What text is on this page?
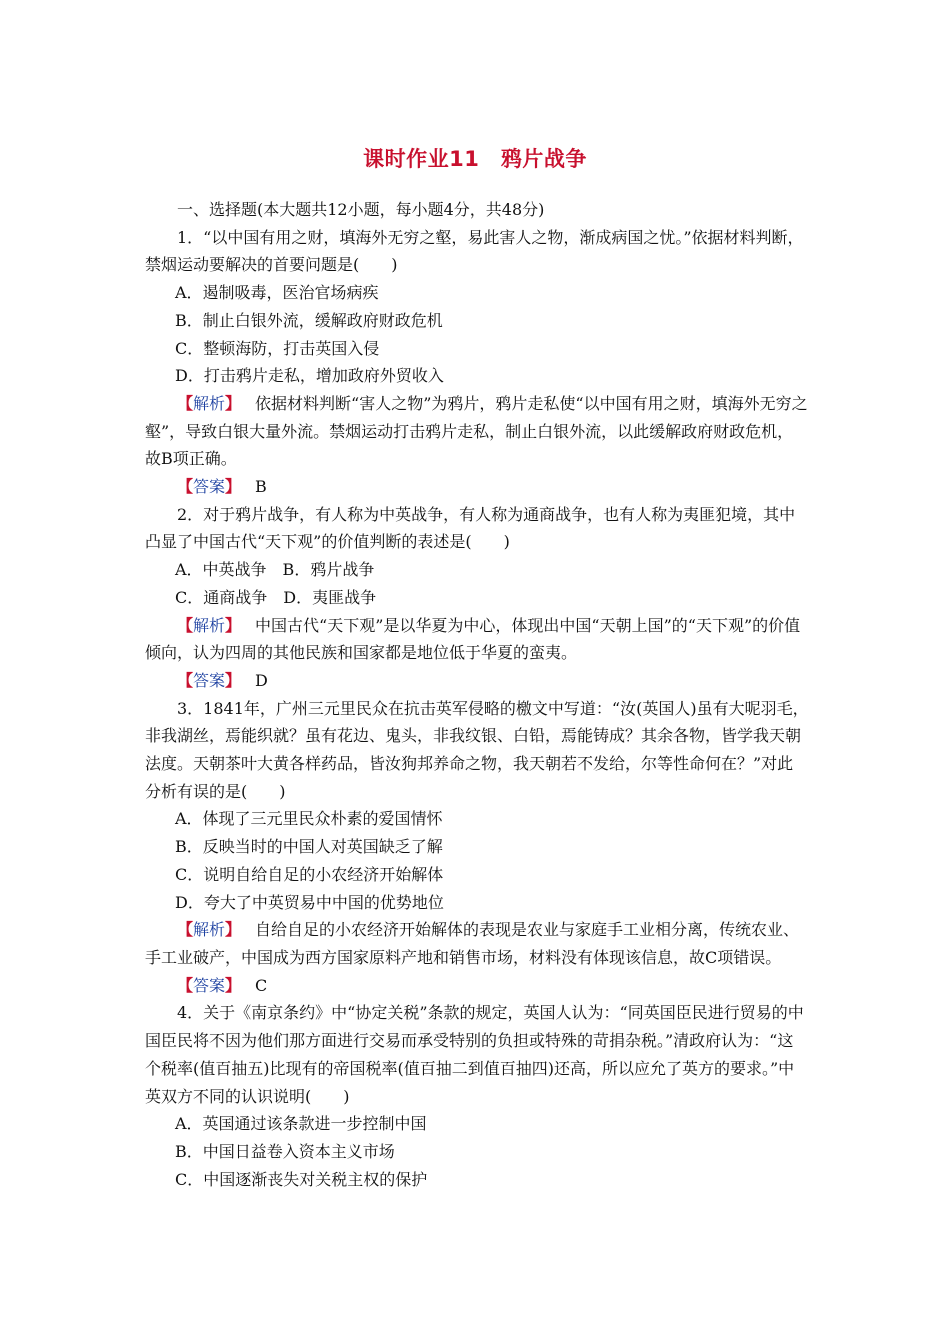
课时作业11　鸦片战争

一、选择题(本大题共12小题，每小题4分，共48分)

1．“以中国有用之财，填海外无穷之壑，易此害人之物，渐成病国之忧。”依据材料判断，禁烟运动要解决的首要问题是(　　)

A．遏制吸毒，医治官场病疾

B．制止白银外流，缓解政府财政危机

C．整顿海防，打击英国入侵

D．打击鸦片走私，增加政府外贸收入

【解析】 依据材料判断“害人之物”为鸦片，鸦片走私使“以中国有用之财，填海外无穷之壑”，导致白银大量外流。禁烟运动打击鸦片走私，制止白银外流，以此缓解政府财政危机，故B项正确。

【答案】 B

2．对于鸦片战争，有人称为中英战争，有人称为通商战争，也有人称为夷匪犯境，其中凸显了中国古代“天下观”的价值判断的表述是(　　)

A．中英战争　B．鸦片战争

C．通商战争　D．夷匪战争

【解析】 中国古代“天下观”是以华夏为中心，体现出中国“天朝上国”的“天下观”的价值倾向，认为四周的其他民族和国家都是地位低于华夏的蛮夷。

【答案】 D

3．1841年，广州三元里民众在抗击英军侵略的檄文中写道：“汝(英国人)虽有大呢羽毛，非我湖丝，焉能织就？虽有花边、鬼头，非我纹银、白铅，焉能铸成？其余各物，皆学我天朝法度。天朝茶叶大黄各样药品，皆汝狗邦养命之物，我天朝若不发给，尔等性命何在？”对此分析有误的是(　　)

A．体现了三元里民众朴素的爱国情怀

B．反映当时的中国人对英国缺乏了解

C．说明自给自足的小农经济开始解体

D．夸大了中英贸易中中国的优势地位

【解析】 自给自足的小农经济开始解体的表现是农业与家庭手工业相分离，传统农业、手工业破产，中国成为西方国家原料产地和销售市场，材料没有体现该信息，故C项错误。

【答案】 C

4．关于《南京条约》中“协定关税”条款的规定，英国人认为：“同英国臣民进行贸易的中国臣民将不因为他们那方面进行交易而承受特别的负担或特殊的苛捐杂税。”清政府认为：“这个税率(值百抽五)比现有的帝国税率(值百抽二到值百抽四)还高，所以应允了英方的要求。”中英双方不同的认识说明(　　)

A．英国通过该条款进一步控制中国

B．中国日益卷入资本主义市场

C．中国逐渐丧失对关税主权的保护
